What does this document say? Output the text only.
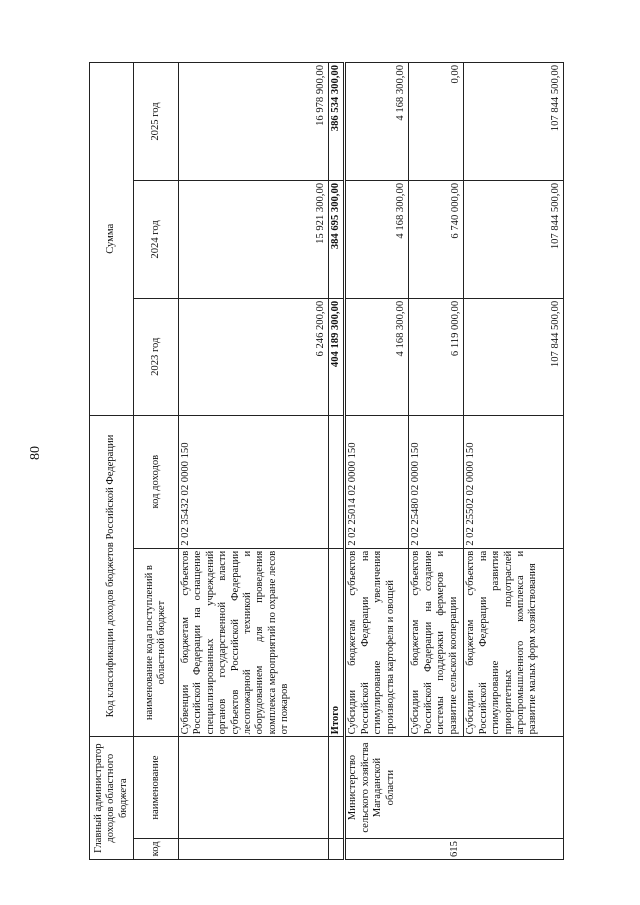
80
Главный администратор доходов областного бюджета		Код классификации доходов бюджетов Российской Федерации		Сумма		
код	наименование	наименование кода поступлений в областной бюджет	код доходов	2023 год	2024 год	2025 год
		Субвенции бюджетам субъектов Российской Федерации на оснащение специализированных учреждений органов государственной власти субъектов Российской Федерации лесопожарной техникой и оборудованием для проведения комплекса мероприятий по охране лесов от пожаров	2 02 35432 02 0000 150	6 246 200,00	15 921 300,00	16 978 900,00
		Итого		404 189 300,00	384 695 300,00	386 534 300,00
615	Министерство сельского хозяйства Магаданской области	Субсидии бюджетам субъектов Российской Федерации на стимулирование увеличения производства картофеля и овощей	2 02 25014 02 0000 150	4 168 300,00	4 168 300,00	4 168 300,00
		Субсидии бюджетам субъектов Российской Федерации на создание системы поддержки фермеров и развитие сельской кооперации	2 02 25480 02 0000 150	6 119 000,00	6 740 000,00	0,00
		Субсидии бюджетам субъектов Российской Федерации на стимулирование развития приоритетных подотраслей агропромышленного комплекса и развитие малых форм хозяйствования	2 02 25502 02 0000 150	107 844 500,00	107 844 500,00	107 844 500,00
